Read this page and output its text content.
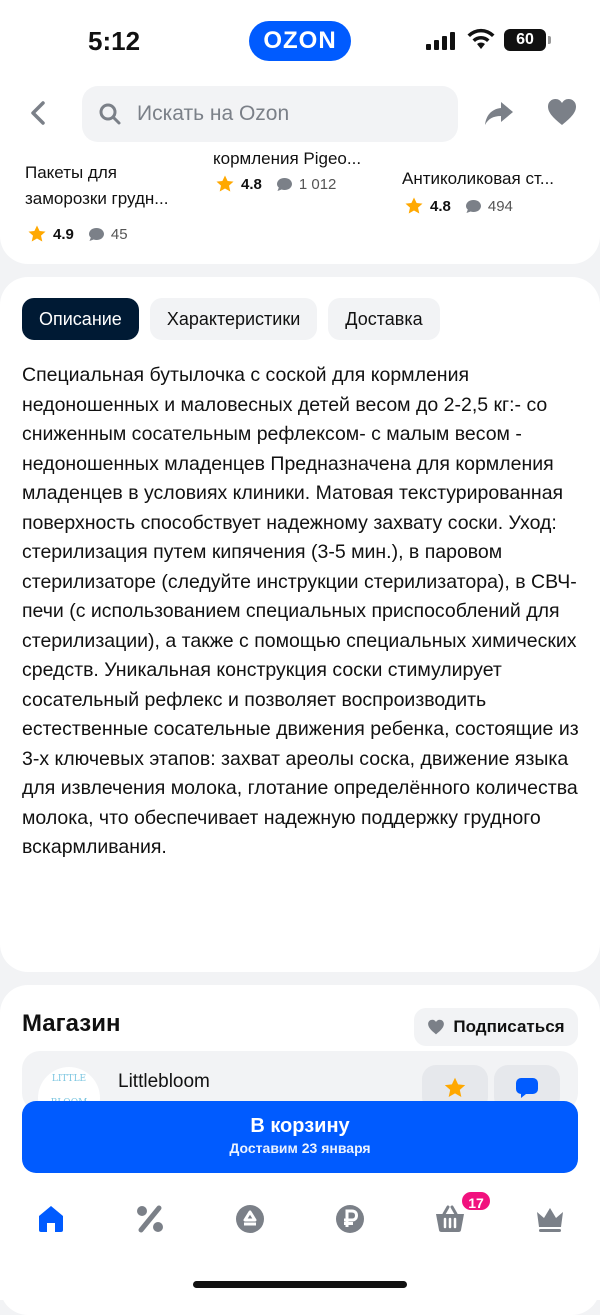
5:12	OZON	60
Искать на Ozon
Пакеты для
заморозки грудн...
4.9 45
кормления Pigeo...
4.8 1 012	Антиколиковая ст...
4.8 494
Описание	Характеристики	Доставка
Специальная бутылочка с соской для кормления недоношенных и маловесных детей весом до 2-2,5 кг:- со сниженным сосательным рефлексом- с малым весом - недоношенных младенцев Предназначена для кормления младенцев в условиях клиники. Матовая текстурированная поверхность способствует надежному захвату соски. Уход: стерилизация путем кипячения (3-5 мин.), в паровом стерилизаторе (следуйте инструкции стерилизатора), в СВЧ-печи (с использованием специальных приспособлений для стерилизации), а также с помощью специальных химических средств. Уникальная конструкция соски стимулирует сосательный рефлекс и позволяет воспроизводить естественные сосательные движения ребенка, состоящие из 3-х ключевых этапов: захват ареолы соска, движение языка для извлечения молока, глотание определённого количества молока, что обеспечивает надежную поддержку грудного вскармливания.
Магазин	Подписаться
LITTLE	Littlebloom
В корзину
Доставим 23 января
17
